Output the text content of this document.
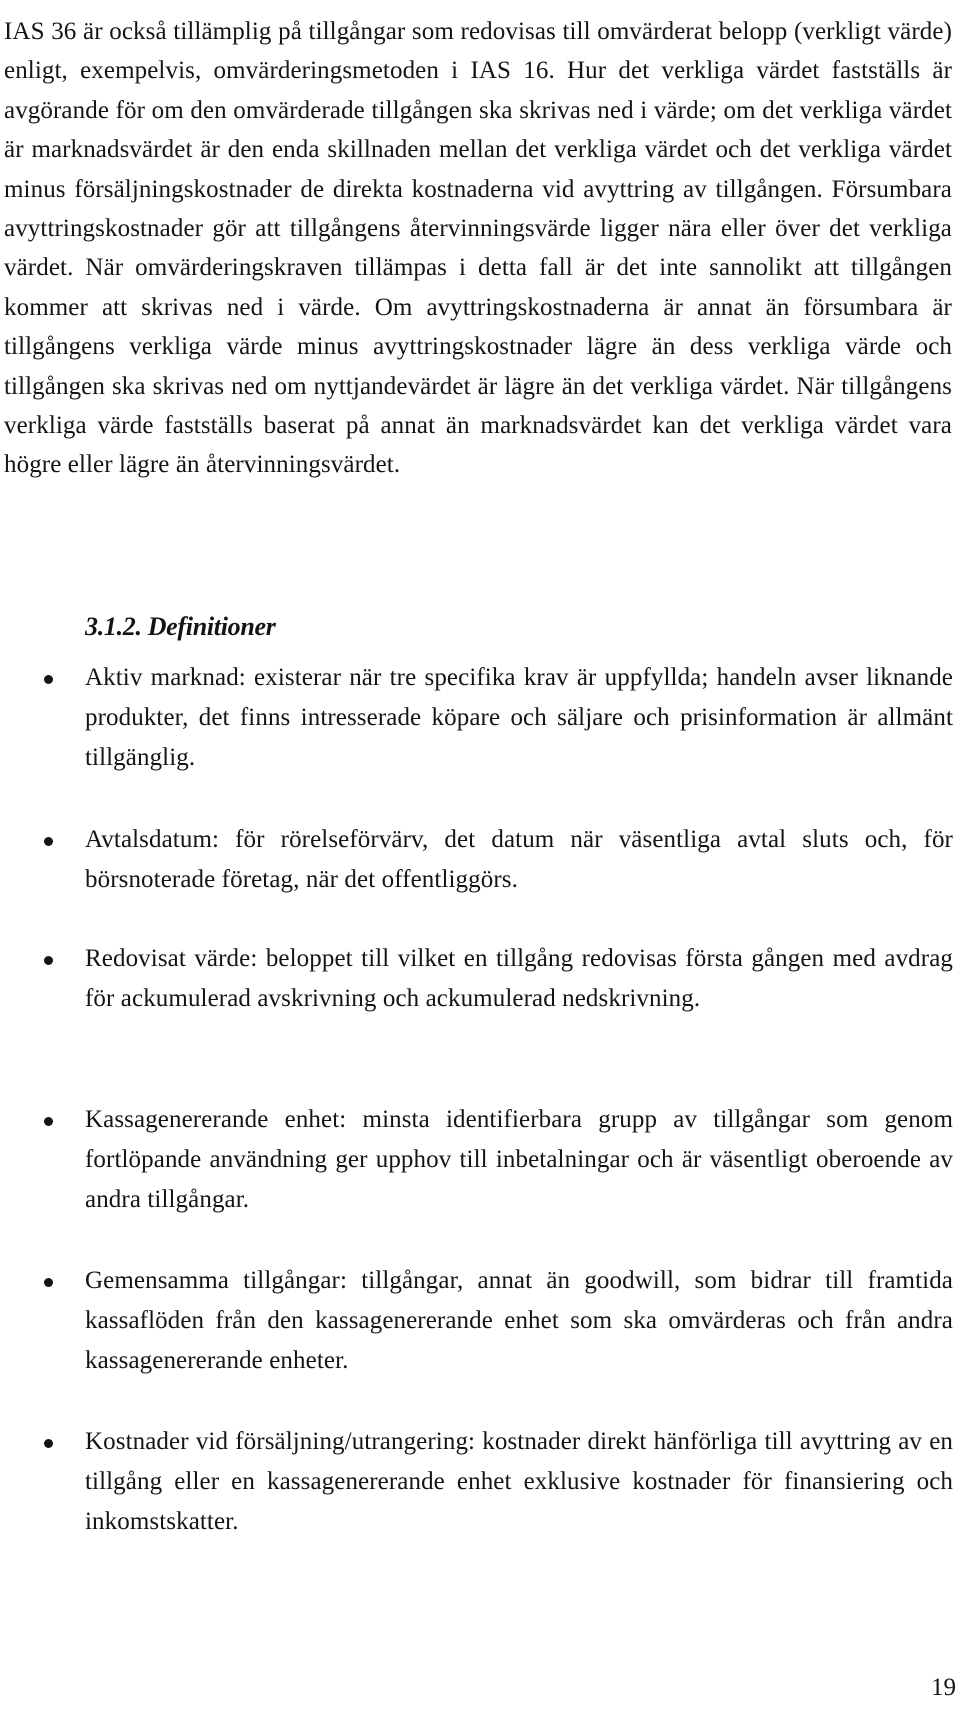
IAS 36 är också tillämplig på tillgångar som redovisas till omvärderat belopp (verkligt värde) enligt, exempelvis, omvärderingsmetoden i IAS 16. Hur det verkliga värdet fastställs är avgörande för om den omvärderade tillgången ska skrivas ned i värde; om det verkliga värdet är marknadsvärdet är den enda skillnaden mellan det verkliga värdet och det verkliga värdet minus försäljningskostnader de direkta kostnaderna vid avyttring av tillgången. Försumbara avyttringskostnader gör att tillgångens återvinningsvärde ligger nära eller över det verkliga värdet. När omvärderingskraven tillämpas i detta fall är det inte sannolikt att tillgången kommer att skrivas ned i värde. Om avyttringskostnaderna är annat än försumbara är tillgångens verkliga värde minus avyttringskostnader lägre än dess verkliga värde och tillgången ska skrivas ned om nyttjandevärdet är lägre än det verkliga värdet. När tillgångens verkliga värde fastställs baserat på annat än marknadsvärdet kan det verkliga värdet vara högre eller lägre än återvinningsvärdet.

3.1.2. Definitioner

Aktiv marknad: existerar när tre specifika krav är uppfyllda; handeln avser liknande produkter, det finns intresserade köpare och säljare och prisinformation är allmänt tillgänglig.

Avtalsdatum: för rörelseförvärv, det datum när väsentliga avtal sluts och, för börsnoterade företag, när det offentliggörs.

Redovisat värde: beloppet till vilket en tillgång redovisas första gången med avdrag för ackumulerad avskrivning och ackumulerad nedskrivning.

Kassagenererande enhet: minsta identifierbara grupp av tillgångar som genom fortlöpande användning ger upphov till inbetalningar och är väsentligt oberoende av andra tillgångar.

Gemensamma tillgångar: tillgångar, annat än goodwill, som bidrar till framtida kassaflöden från den kassagenererande enhet som ska omvärderas och från andra kassagenererande enheter.

Kostnader vid försäljning/utrangering: kostnader direkt hänförliga till avyttring av en tillgång eller en kassagenererande enhet exklusive kostnader för finansiering och inkomstskatter.

19
